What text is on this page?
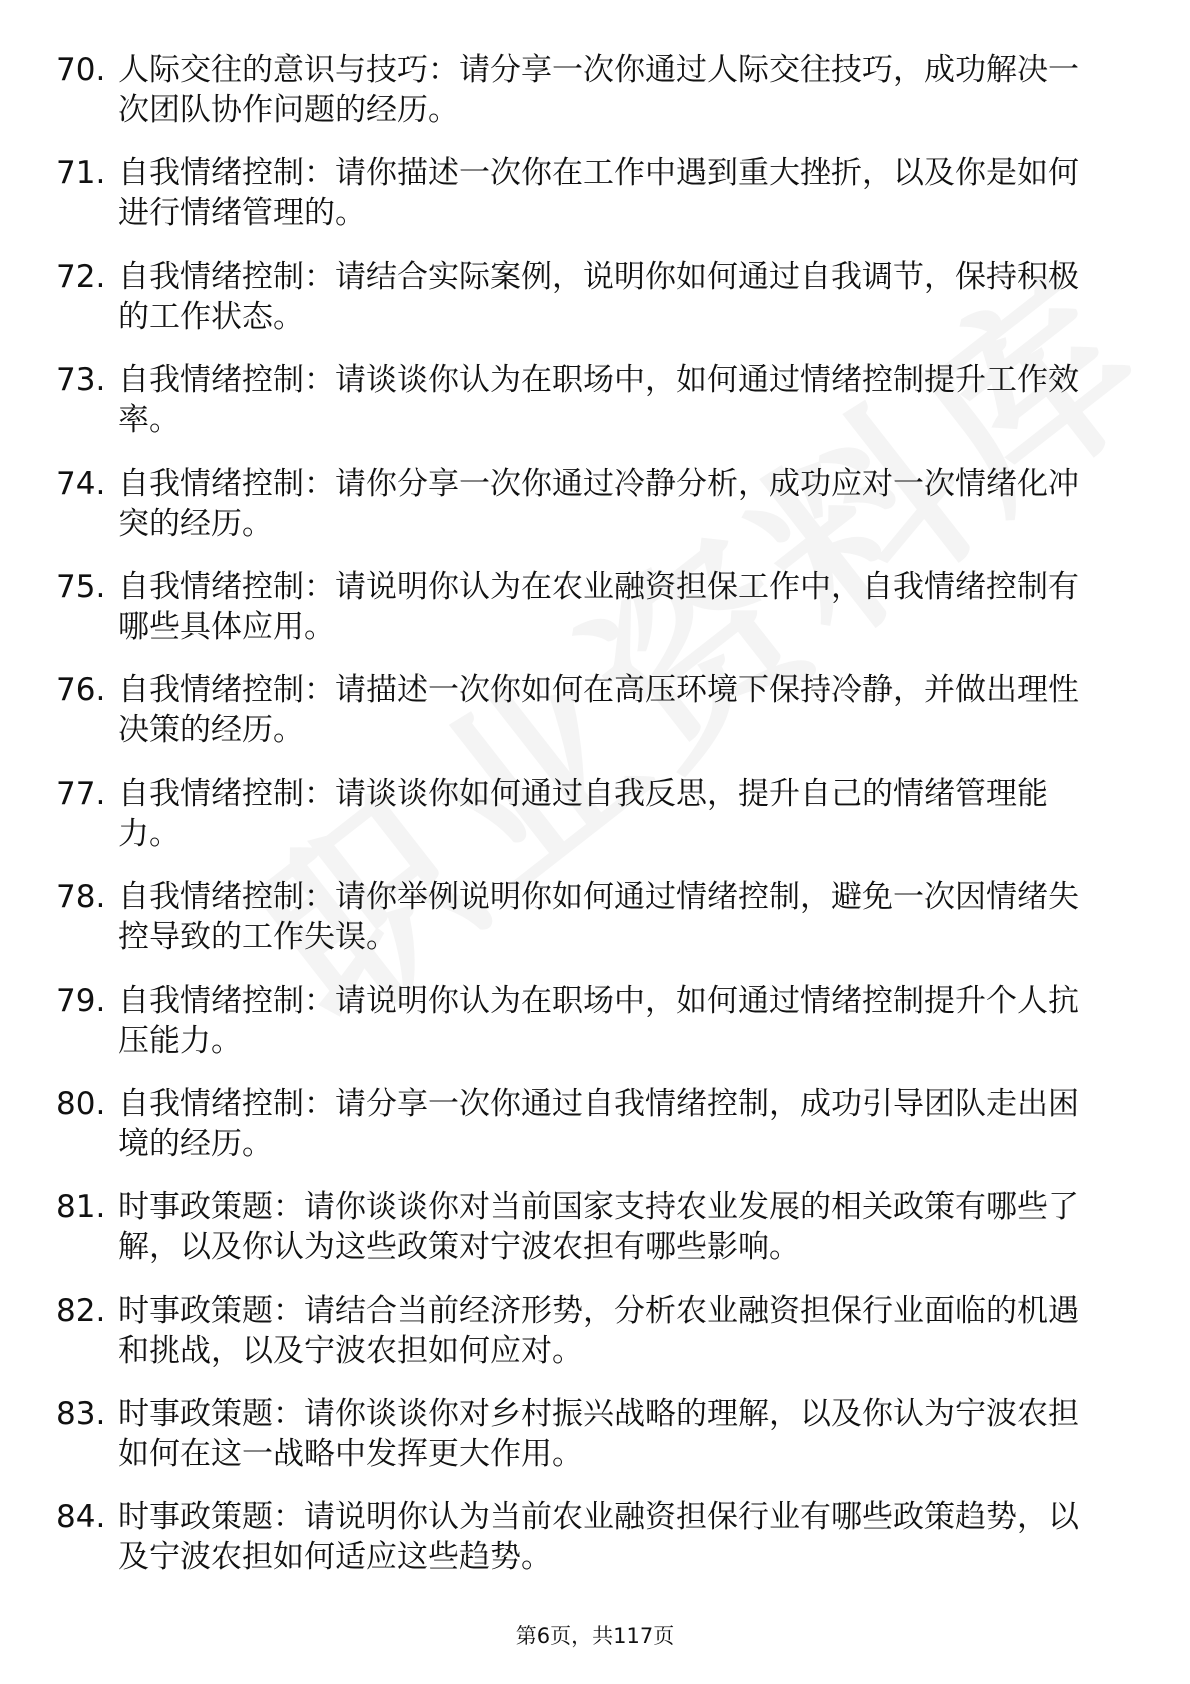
70. 人际交往的意识与技巧：请分享一次你通过人际交往技巧，成功解决一次团队协作问题的经历。
71. 自我情绪控制：请你描述一次你在工作中遇到重大挫折，以及你是如何进行情绪管理的。
72. 自我情绪控制：请结合实际案例，说明你如何通过自我调节，保持积极的工作状态。
73. 自我情绪控制：请谈谈你认为在职场中，如何通过情绪控制提升工作效率。
74. 自我情绪控制：请你分享一次你通过冷静分析，成功应对一次情绪化冲突的经历。
75. 自我情绪控制：请说明你认为在农业融资担保工作中，自我情绪控制有哪些具体应用。
76. 自我情绪控制：请描述一次你如何在高压环境下保持冷静，并做出理性决策的经历。
77. 自我情绪控制：请谈谈你如何通过自我反思，提升自己的情绪管理能力。
78. 自我情绪控制：请你举例说明你如何通过情绪控制，避免一次因情绪失控导致的工作失误。
79. 自我情绪控制：请说明你认为在职场中，如何通过情绪控制提升个人抗压能力。
80. 自我情绪控制：请分享一次你通过自我情绪控制，成功引导团队走出困境的经历。
81. 时事政策题：请你谈谈你对当前国家支持农业发展的相关政策有哪些了解，以及你认为这些政策对宁波农担有哪些影响。
82. 时事政策题：请结合当前经济形势，分析农业融资担保行业面临的机遇和挑战，以及宁波农担如何应对。
83. 时事政策题：请你谈谈你对乡村振兴战略的理解，以及你认为宁波农担如何在这一战略中发挥更大作用。
84. 时事政策题：请说明你认为当前农业融资担保行业有哪些政策趋势，以及宁波农担如何适应这些趋势。
第6页，共117页
